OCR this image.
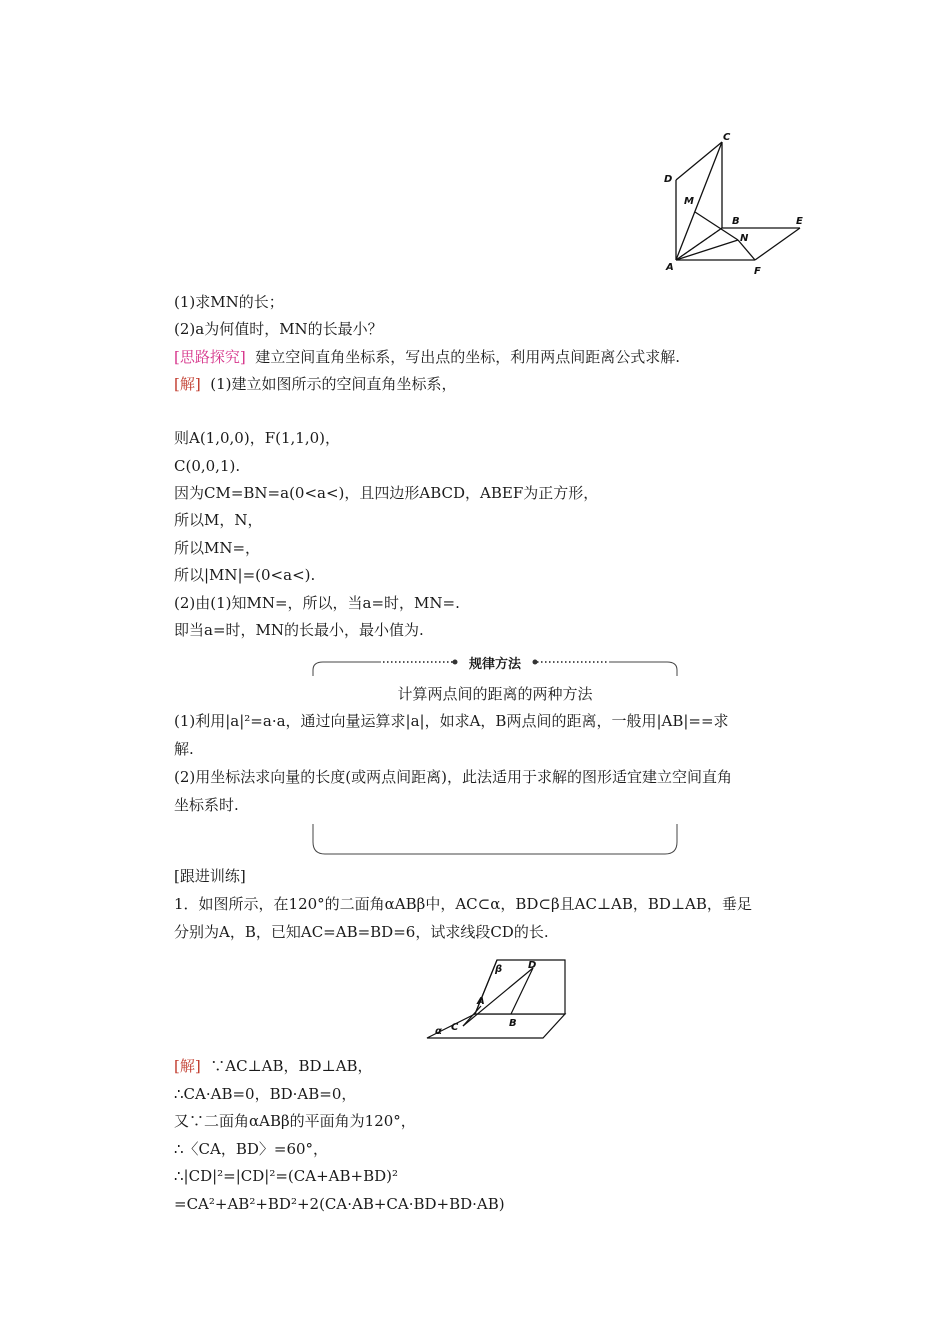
C
D
M
B	E
N
A	F
(1)求MN的长；
(2)a为何值时，MN的长最小？
[思路探究] 建立空间直角坐标系，写出点的坐标，利用两点间距离公式求解.
[解] (1)建立如图所示的空间直角坐标系，
则A(1,0,0)，F(1,1,0)，
C(0,0,1).
因为CM=BN=a(0<a<)，且四边形ABCD，ABEF为正方形，
所以M，N，
所以MN=，
所以|MN|=(0<a<).
(2)由(1)知MN=，所以，当a=时，MN=.
即当a=时，MN的长最小，最小值为.
规律方法
计算两点间的距离的两种方法
(1)利用|a|²=a·a，通过向量运算求|a|，如求A，B两点间的距离，一般用|AB|==求
解.
(2)用坐标法求向量的长度(或两点间距离)，此法适用于求解的图形适宜建立空间直角
坐标系时.
[跟进训练]
1．如图所示，在120°的二面角αABβ中，AC⊂α，BD⊂β且AC⊥AB，BD⊥AB，垂足
分别为A，B，已知AC=AB=BD=6，试求线段CD的长.
β	D
A
B
α C
[解] ∵AC⊥AB，BD⊥AB，
∴CA·AB=0，BD·AB=0，
又∵二面角αABβ的平面角为120°，
∴〈CA，BD〉=60°，
∴|CD|²=|CD|²=(CA+AB+BD)²
=CA²+AB²+BD²+2(CA·AB+CA·BD+BD·AB)
